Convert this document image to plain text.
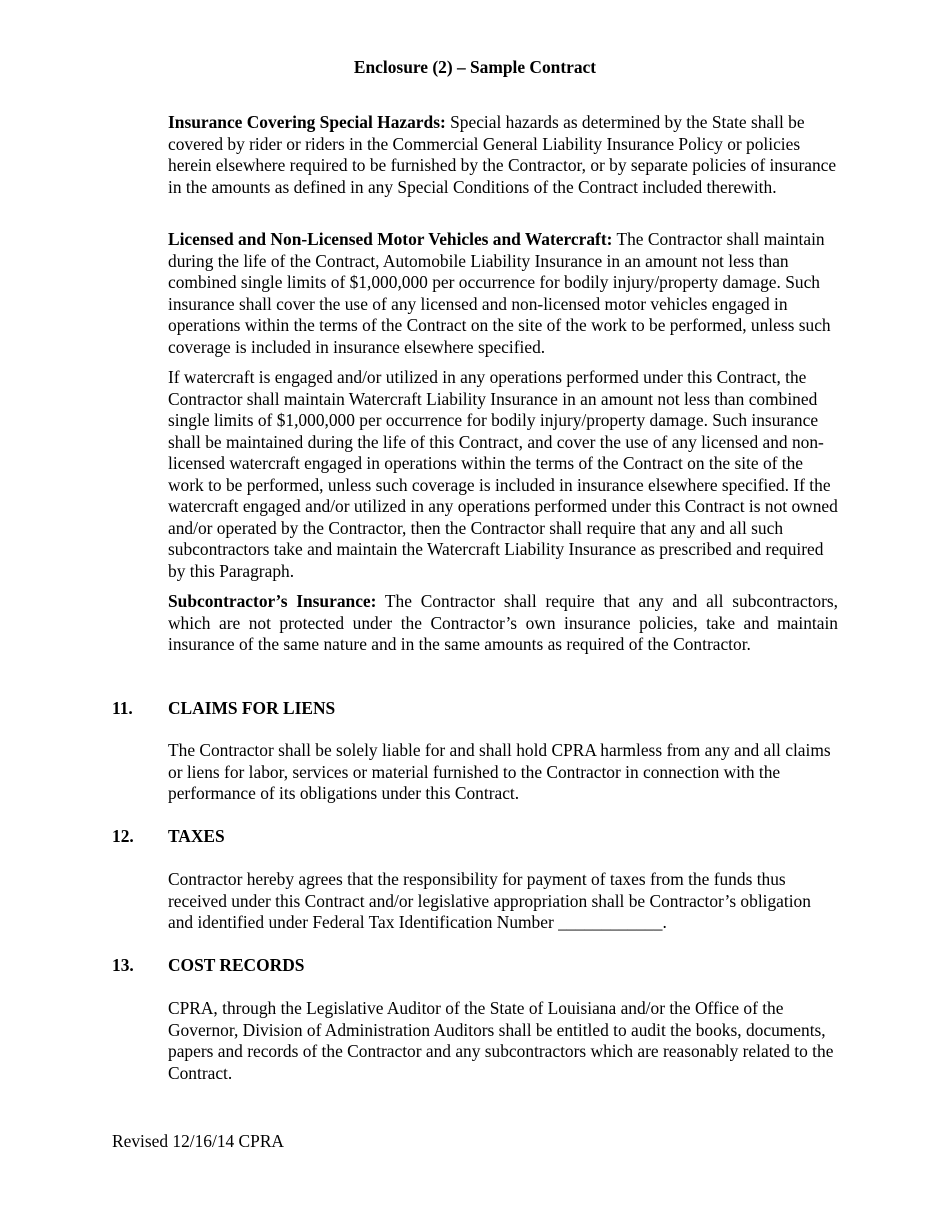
Enclosure (2) – Sample Contract

Insurance Covering Special Hazards: Special hazards as determined by the State shall be covered by rider or riders in the Commercial General Liability Insurance Policy or policies herein elsewhere required to be furnished by the Contractor, or by separate policies of insurance in the amounts as defined in any Special Conditions of the Contract included therewith.

Licensed and Non-Licensed Motor Vehicles and Watercraft: The Contractor shall maintain during the life of the Contract, Automobile Liability Insurance in an amount not less than combined single limits of $1,000,000 per occurrence for bodily injury/property damage. Such insurance shall cover the use of any licensed and non-licensed motor vehicles engaged in operations within the terms of the Contract on the site of the work to be performed, unless such coverage is included in insurance elsewhere specified.

If watercraft is engaged and/or utilized in any operations performed under this Contract, the Contractor shall maintain Watercraft Liability Insurance in an amount not less than combined single limits of $1,000,000 per occurrence for bodily injury/property damage. Such insurance shall be maintained during the life of this Contract, and cover the use of any licensed and non-licensed watercraft engaged in operations within the terms of the Contract on the site of the work to be performed, unless such coverage is included in insurance elsewhere specified. If the watercraft engaged and/or utilized in any operations performed under this Contract is not owned and/or operated by the Contractor, then the Contractor shall require that any and all such subcontractors take and maintain the Watercraft Liability Insurance as prescribed and required by this Paragraph.

Subcontractor’s Insurance: The Contractor shall require that any and all subcontractors, which are not protected under the Contractor’s own insurance policies, take and maintain insurance of the same nature and in the same amounts as required of the Contractor.

11. CLAIMS FOR LIENS

The Contractor shall be solely liable for and shall hold CPRA harmless from any and all claims or liens for labor, services or material furnished to the Contractor in connection with the performance of its obligations under this Contract.

12. TAXES

Contractor hereby agrees that the responsibility for payment of taxes from the funds thus received under this Contract and/or legislative appropriation shall be Contractor’s obligation and identified under Federal Tax Identification Number ____________.

13. COST RECORDS

CPRA, through the Legislative Auditor of the State of Louisiana and/or the Office of the Governor, Division of Administration Auditors shall be entitled to audit the books, documents, papers and records of the Contractor and any subcontractors which are reasonably related to the Contract.

Revised 12/16/14 CPRA
